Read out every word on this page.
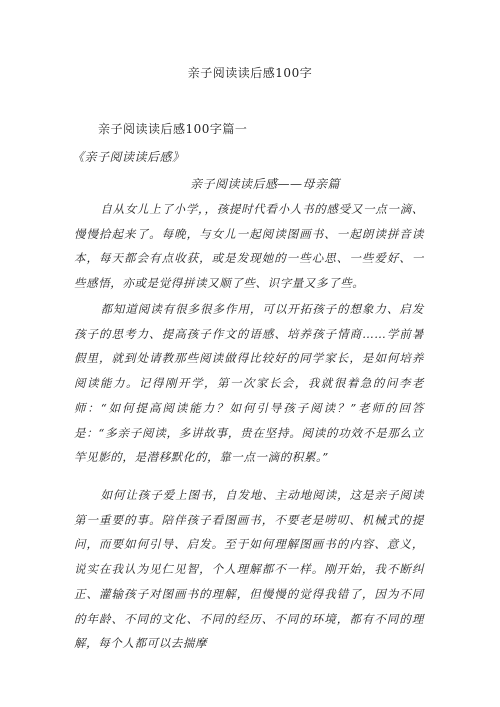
亲子阅读读后感100字
亲子阅读读后感100字篇一
《亲子阅读读后感》
亲子阅读读后感——母亲篇

自从女儿上了小学，，孩提时代看小人书的感受又一点一滴、慢慢拾起来了。每晚，与女儿一起阅读图画书、一起朗读拼音读本，每天都会有点收获，或是发现她的一些心思、一些爱好、一些感悟，亦或是觉得拼读又顺了些、识字量又多了些。

都知道阅读有很多很多作用，可以开拓孩子的想象力、启发孩子的思考力、提高孩子作文的语感、培养孩子情商……学前暑假里，就到处请教那些阅读做得比较好的同学家长，是如何培养阅读能力。记得刚开学，第一次家长会，我就很着急的问李老师：“如何提高阅读能力？如何引导孩子阅读？”老师的回答是：“多亲子阅读，多讲故事，贵在坚持。阅读的功效不是那么立竿见影的，是潜移默化的，靠一点一滴的积累。”

如何让孩子爱上图书，自发地、主动地阅读，这是亲子阅读第一重要的事。陪伴孩子看图画书，不要老是唠叨、机械式的提问，而要如何引导、启发。至于如何理解图画书的内容、意义，说实在我认为见仁见智，个人理解都不一样。刚开始，我不断纠正、灌输孩子对图画书的理解，但慢慢的觉得我错了，因为不同的年龄、不同的文化、不同的经历、不同的环境，都有不同的理解，每个人都可以去揣摩
